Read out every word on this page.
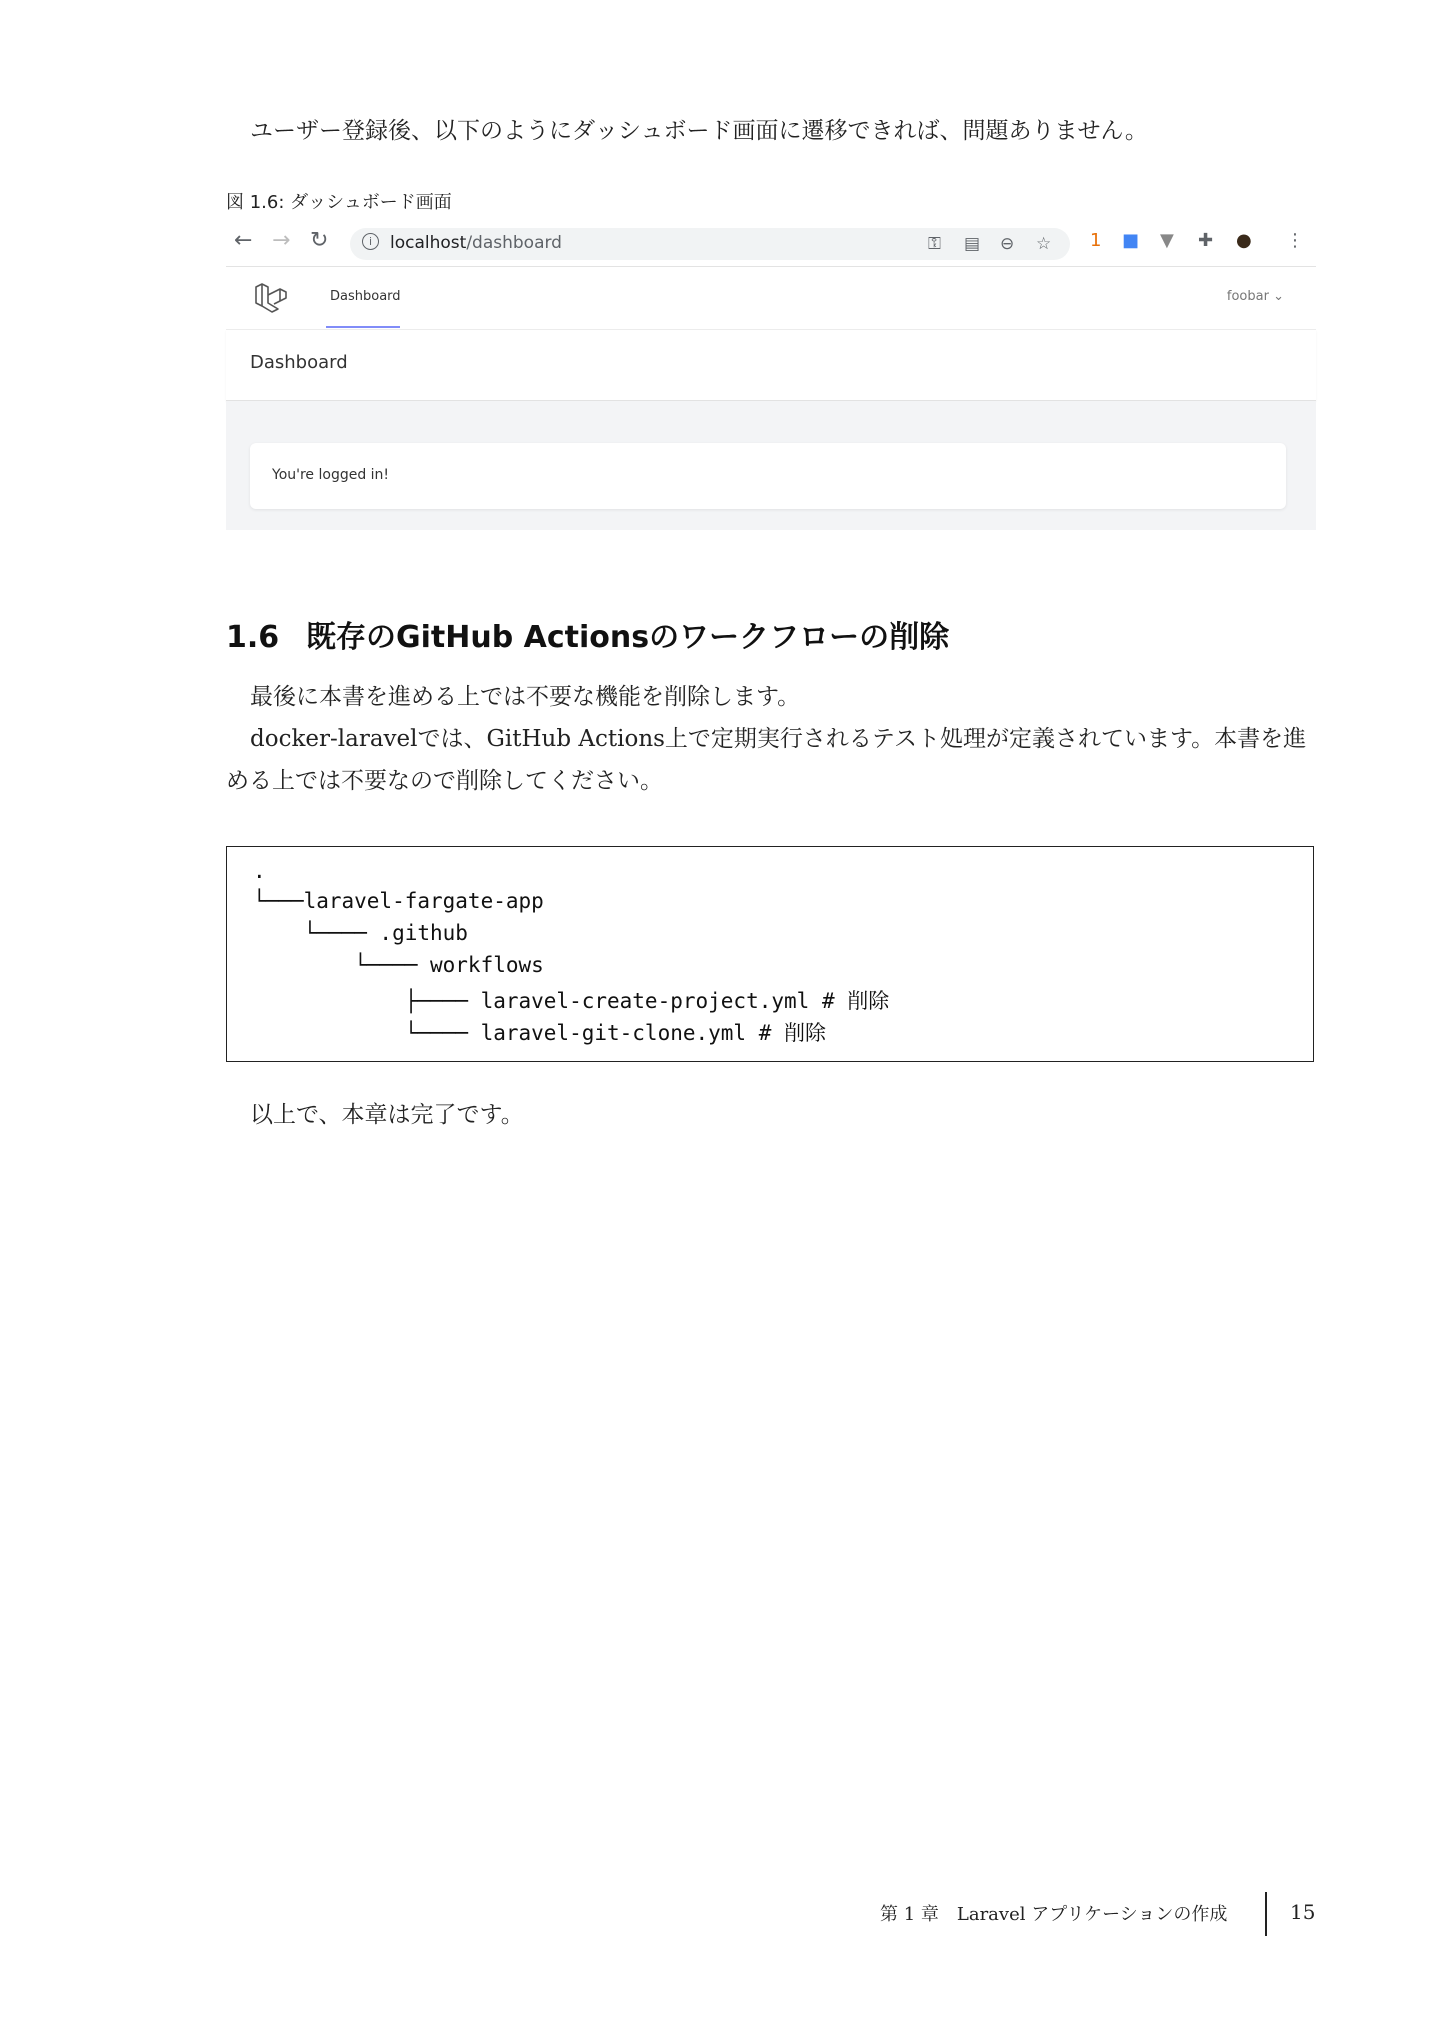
ユーザー登録後、以下のようにダッシュボード画面に遷移できれば、問題ありません。
図 1.6: ダッシュボード画面
← → ↻	i	localhost/dashboard	⚿ ▤ ⊖ ☆ 1 ■ ▼ ✚ ● ⋮
Dashboard	foobar ⌄
Dashboard
You're logged in!
1.6 既存のGitHub Actionsのワークフローの削除
最後に本書を進める上では不要な機能を削除します。
docker-laravelでは、GitHub Actions上で定期実行されるテスト処理が定義されています。本書を進める上では不要なので削除してください。
.
└───laravel-fargate-app
└──── .github
└──── workflows
├──── laravel-create-project.yml # 削除
└──── laravel-git-clone.yml # 削除
以上で、本章は完了です。
第 1 章　Laravel アプリケーションの作成	15
